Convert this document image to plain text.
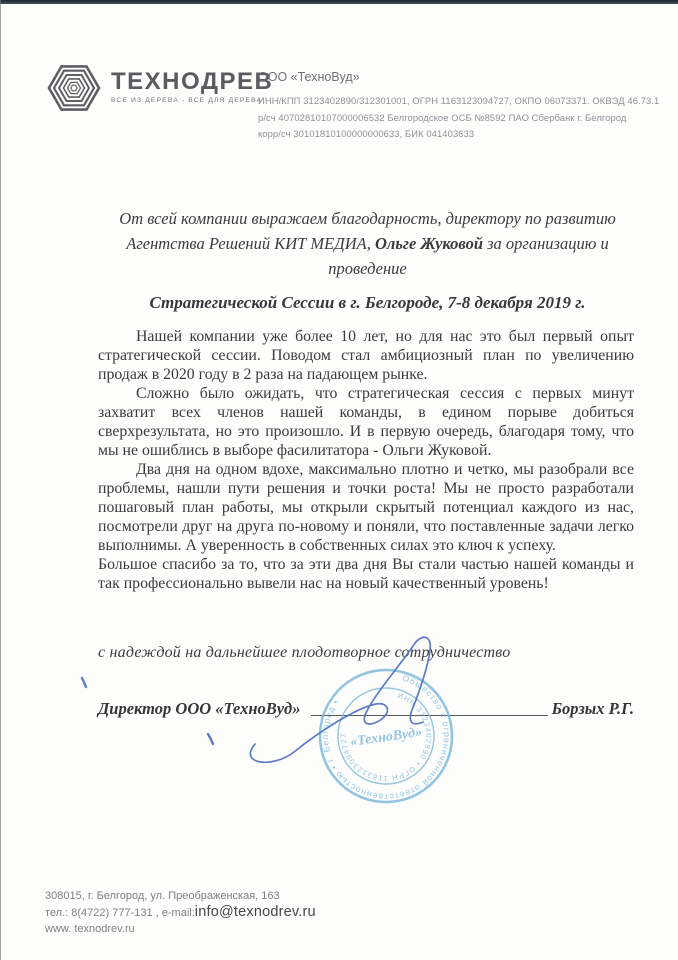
ТЕХНОДРЕВ
ВСЕ ИЗ ДЕРЕВА - ВСЕ ДЛЯ ДЕРЕВА
ООО «ТехноВуд»
ИНН/КПП 3123402890/312301001, ОГРН 1163123094727, ОКПО 06073371. ОКВЭД 46.73.1
р/сч 40702810107000006532 Белгородское ОСБ №8592 ПАО Сбербанк г. Белгород
корр/сч 30101810100000000633, БИК 041403633
От всей компании выражаем благодарность, директору по развитию
Агентства Решений КИТ МЕДИА, Ольге Жуковой за организацию и
проведение
Стратегической Сессии в г. Белгороде, 7-8 декабря 2019 г.

Нашей компании уже более 10 лет, но для нас это был первый опыт стратегической сессии. Поводом стал амбициозный план по увеличению продаж в 2020 году в 2 раза на падающем рынке.

Сложно было ожидать, что стратегическая сессия с первых минут захватит всех членов нашей команды, в едином порыве добиться сверхрезультата, но это произошло. И в первую очередь, благодаря тому, что мы не ошиблись в выборе фасилитатора - Ольги Жуковой.

Два дня на одном вдохе, максимально плотно и четко, мы разобрали все проблемы, нашли пути решения и точки роста! Мы не просто разработали пошаговый план работы, мы открыли скрытый потенциал каждого из нас, посмотрели друг на друга по-новому и поняли, что поставленные задачи легко выполнимы. А уверенность в собственных силах это ключ к успеху.

Большое спасибо за то, что за эти два дня Вы стали частью нашей команды и так профессионально вывели нас на новый качественный уровень!

с надеждой на дальнейшее плодотворное сотрудничество
Директор ООО «ТехноВуд»	Борзых Р.Г.
Общество с ограниченной ответственностью • г. Белгород •	ИНН 3123402890 • ОГРН 1163123094727 «ТехноВуд»
308015, г. Белгород, ул. Преображенская, 163
тел.: 8(4722) 777-131 , e-mail:info@texnodrev.ru
www. texnodrev.ru
